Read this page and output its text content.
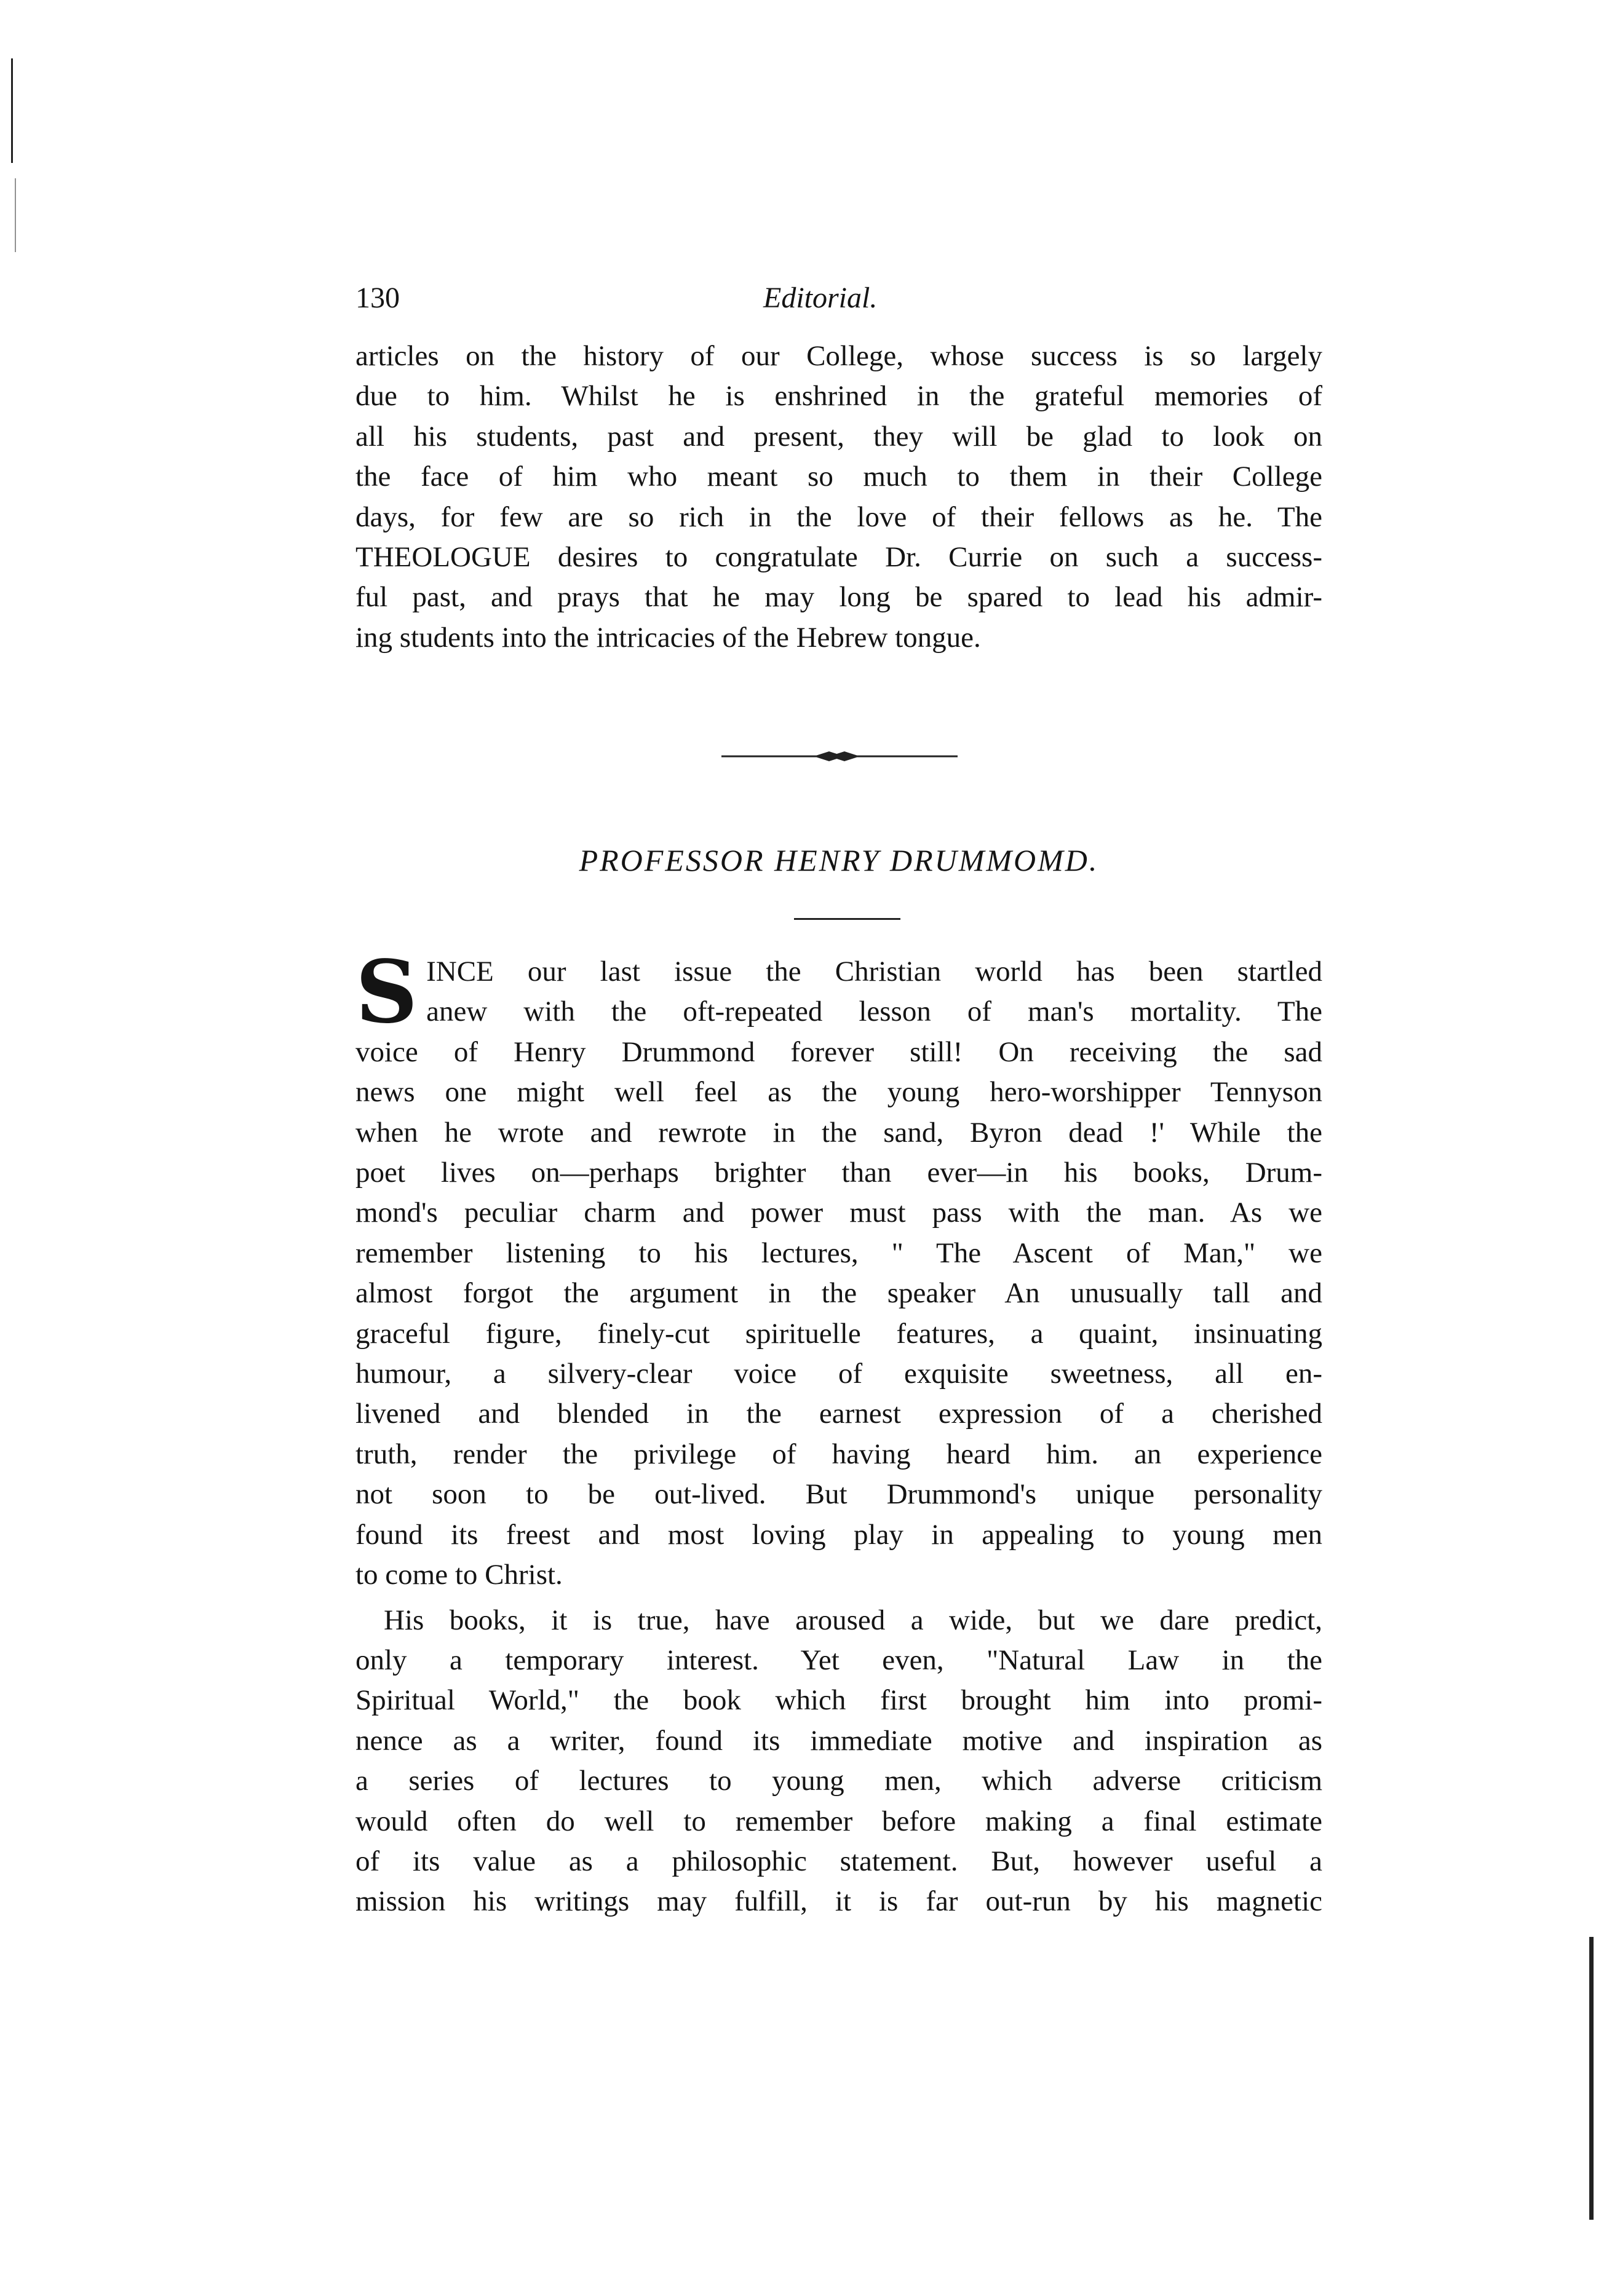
130	Editorial.

articles on the history of our College, whose success is so largely
due to him. Whilst he is enshrined in the grateful memories of
all his students, past and present, they will be glad to look on
the face of him who meant so much to them in their College
days, for few are so rich in the love of their fellows as he. The
THEOLOGUE desires to congratulate Dr. Currie on such a success-
ful past, and prays that he may long be spared to lead his admir-
ing students into the intricacies of the Hebrew tongue.

PROFESSOR HENRY DRUMMOMD.

S INCE our last issue the Christian world has been startled
anew with the oft-repeated lesson of man's mortality. The
voice of Henry Drummond forever still! On receiving the sad
news one might well feel as the young hero-worshipper Tennyson
when he wrote and rewrote in the sand, Byron dead !' While the
poet lives on—perhaps brighter than ever—in his books, Drum-
mond's peculiar charm and power must pass with the man. As we
remember listening to his lectures, " The Ascent of Man," we
almost forgot the argument in the speaker An unusually tall and
graceful figure, finely-cut spirituelle features, a quaint, insinuating
humour, a silvery-clear voice of exquisite sweetness, all en-
livened and blended in the earnest expression of a cherished
truth, render the privilege of having heard him. an experience
not soon to be out-lived. But Drummond's unique personality
found its freest and most loving play in appealing to young men
to come to Christ.

His books, it is true, have aroused a wide, but we dare predict,
only a temporary interest. Yet even, "Natural Law in the
Spiritual World," the book which first brought him into promi-
nence as a writer, found its immediate motive and inspiration as
a series of lectures to young men, which adverse criticism
would often do well to remember before making a final estimate
of its value as a philosophic statement. But, however useful a
mission his writings may fulfill, it is far out-run by his magnetic
